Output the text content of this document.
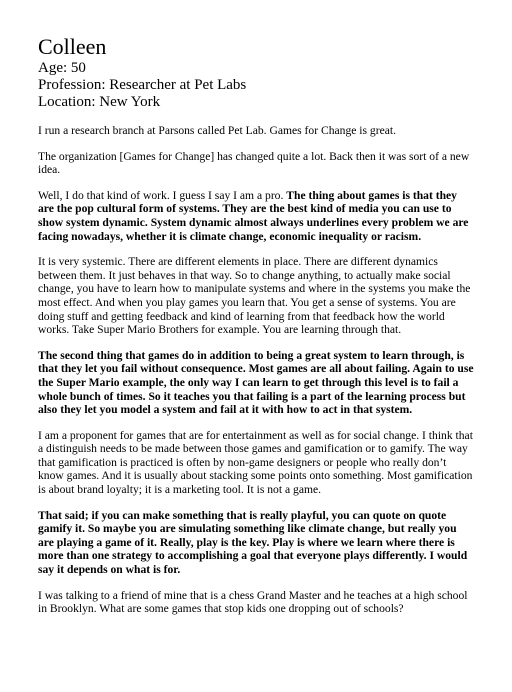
Colleen

Age: 50

Profession: Researcher at Pet Labs

Location: New York

I run a research branch at Parsons called Pet Lab. Games for Change is great.

The organization [Games for Change] has changed quite a lot. Back then it was sort of a new idea.

Well, I do that kind of work. I guess I say I am a pro. The thing about games is that they are the pop cultural form of systems. They are the best kind of media you can use to show system dynamic. System dynamic almost always underlines every problem we are facing nowadays, whether it is climate change, economic inequality or racism.

It is very systemic. There are different elements in place. There are different dynamics between them. It just behaves in that way. So to change anything, to actually make social change, you have to learn how to manipulate systems and where in the systems you make the most effect. And when you play games you learn that. You get a sense of systems. You are doing stuff and getting feedback and kind of learning from that feedback how the world works. Take Super Mario Brothers for example. You are learning through that.

The second thing that games do in addition to being a great system to learn through, is that they let you fail without consequence. Most games are all about failing. Again to use the Super Mario example, the only way I can learn to get through this level is to fail a whole bunch of times. So it teaches you that failing is a part of the learning process but also they let you model a system and fail at it with how to act in that system.

I am a proponent for games that are for entertainment as well as for social change. I think that a distinguish needs to be made between those games and gamification or to gamify. The way that gamification is practiced is often by non-game designers or people who really don’t know games. And it is usually about stacking some points onto something. Most gamification is about brand loyalty; it is a marketing tool. It is not a game.

That said; if you can make something that is really playful, you can quote on quote gamify it. So maybe you are simulating something like climate change, but really you are playing a game of it. Really, play is the key. Play is where we learn where there is more than one strategy to accomplishing a goal that everyone plays differently. I would say it depends on what is for.

I was talking to a friend of mine that is a chess Grand Master and he teaches at a high school in Brooklyn. What are some games that stop kids one dropping out of schools?
